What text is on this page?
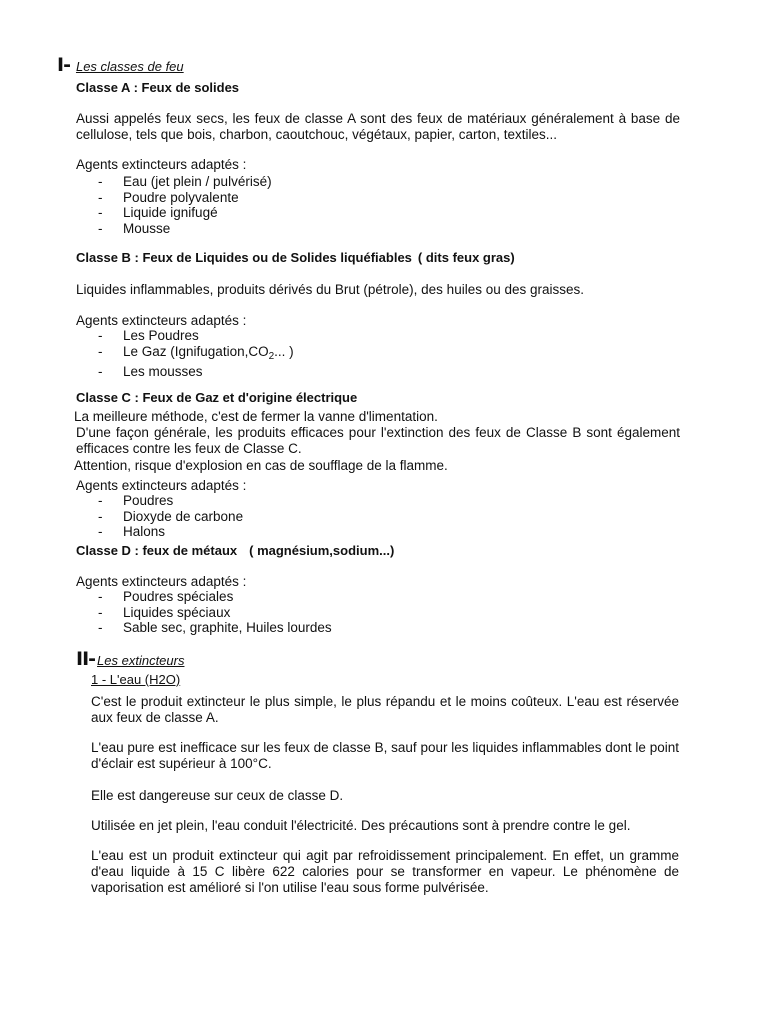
I- Les classes de feu
Classe A : Feux de solides
Aussi appelés feux secs, les feux de classe A sont des feux de matériaux généralement à base de cellulose, tels que bois, charbon, caoutchouc, végétaux, papier, carton, textiles...
Agents extincteurs adaptés :
- Eau (jet plein / pulvérisé)
- Poudre polyvalente
- Liquide ignifugé
- Mousse
Classe B : Feux de Liquides ou de Solides liquéfiables ( dits feux gras)
Liquides inflammables, produits dérivés du Brut (pétrole), des huiles ou des graisses.
Agents extincteurs adaptés :
- Les Poudres
- Le Gaz ($Ignifugation,CO_2$... )
- Les mousses
Classe C : Feux de Gaz et d'origine électrique
La meilleure méthode, c'est de fermer la vanne d'limentation.
D'une façon générale, les produits efficaces pour l'extinction des feux de Classe B sont également efficaces contre les feux de Classe C.
Attention, risque d'explosion en cas de soufflage de la flamme.
Agents extincteurs adaptés :
- Poudres
- Dioxyde de carbone
- Halons
Classe D : feux de métaux ( magnésium,sodium...)
Agents extincteurs adaptés :
- Poudres spéciales
- Liquides spéciaux
- Sable sec, graphite, Huiles lourdes
II- Les extincteurs
1 - L'eau (H2O)
C'est le produit extincteur le plus simple, le plus répandu et le moins coûteux. L'eau est réservée aux feux de classe A.
L'eau pure est inefficace sur les feux de classe B, sauf pour les liquides inflammables dont le point d'éclair est supérieur à 100°C.
Elle est dangereuse sur ceux de classe D.
Utilisée en jet plein, l'eau conduit l'électricité. Des précautions sont à prendre contre le gel.
L'eau est un produit extincteur qui agit par refroidissement principalement. En effet, un gramme d'eau liquide à 15 C libère 622 calories pour se transformer en vapeur. Le phénomène de vaporisation est amélioré si l'on utilise l'eau sous forme pulvérisée.
